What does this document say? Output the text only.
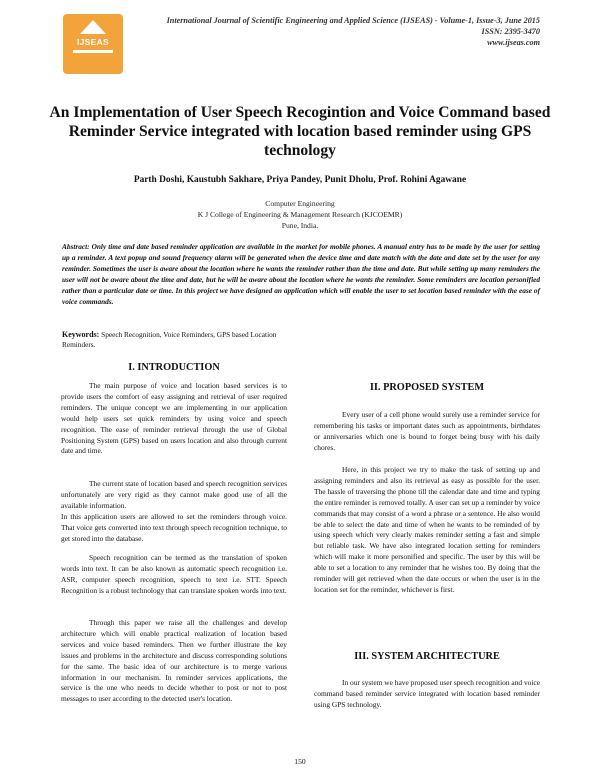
IJSEAS
International Journal of Scientific Engineering and Applied Science (IJSEAS) - Volume-1, Issue-3, June 2015
ISSN: 2395-3470
www.ijseas.com
An Implementation of User Speech Recogintion and Voice Command based Reminder Service integrated with location based reminder using GPS technology
Parth Doshi, Kaustubh Sakhare, Priya Pandey, Punit Dholu, Prof. Rohini Agawane
Computer Engineering
K J College of Engineering & Management Research (KJCOEMR)
Pune, India.
Abstract: Only time and date based reminder application are available in the market for mobile phones. A manual entry has to be made by the user for setting up a reminder. A text popup and sound frequency alarm will be generated when the device time and date match with the date and date set by the user for any reminder. Sometimes the user is aware about the location where he wants the reminder rather than the time and date. But while setting up many reminders the user will not be aware about the time and date, but he will be aware about the location where he wants the reminder. Some reminders are location personified rather than a particular date or time. In this project we have designed an application which will enable the user to set location based reminder with the ease of voice commands.
Keywords: Speech Recognition, Voice Reminders, GPS based Location Reminders.
I. INTRODUCTION

The main purpose of voice and location based services is to provide users the comfort of easy assigning and retrieval of user required reminders. The unique concept we are implementing in our application would help users set quick reminders by using voice and speech recognition. The ease of reminder retrieval through the use of Global Positioning System (GPS) based on users location and also through current date and time.

The current state of location based and speech recognition services unfortunately are very rigid as they cannot make good use of all the available information.

In this application users are allowed to set the reminders through voice. That voice gets converted into text through speech recognition technique, to get stored into the database.

Speech recognition can be termed as the translation of spoken words into text. It can be also known as automatic speech recognition i.e. ASR, computer speech recognition, speech to text i.e. STT. Speech Recognition is a robust technology that can translate spoken words into text.

Through this paper we raise all the challenges and develop architecture which will enable practical realization of location based services and voice based reminders. Then we further illustrate the key issues and problems in the architecture and discuss corresponding solutions for the same. The basic idea of our architecture is to merge various information in our mechanism. In reminder services applications, the service is the one who needs to decide whether to post or not to post messages to user according to the detected user's location.

II. PROPOSED SYSTEM

Every user of a cell phone would surely use a reminder service for remembering his tasks or important dates such as appointments, birthdates or anniversaries which one is bound to forget being busy with his daily chores.

Here, in this project we try to make the task of setting up and assigning reminders and also its retrieval as easy as possible for the user. The hassle of traversing the phone till the calendar date and time and typing the entire reminder is removed totally. A user can set up a reminder by voice commands that may consist of a word a phrase or a sentence. He also would be able to select the date and time of when he wants to be reminded of by using speech which very clearly makes reminder setting a fast and simple but reliable task. We have also integrated location setting for reminders which will make it more personified and specific. The user by this will be able to set a location to any reminder that he wishes too. By doing that the reminder will get retrieved when the date occurs or when the user is in the location set for the reminder, whichever is first.

III. SYSTEM ARCHITECTURE

In our system we have proposed user speech recognition and voice command based reminder service integrated with location based reminder using GPS technology.

150
